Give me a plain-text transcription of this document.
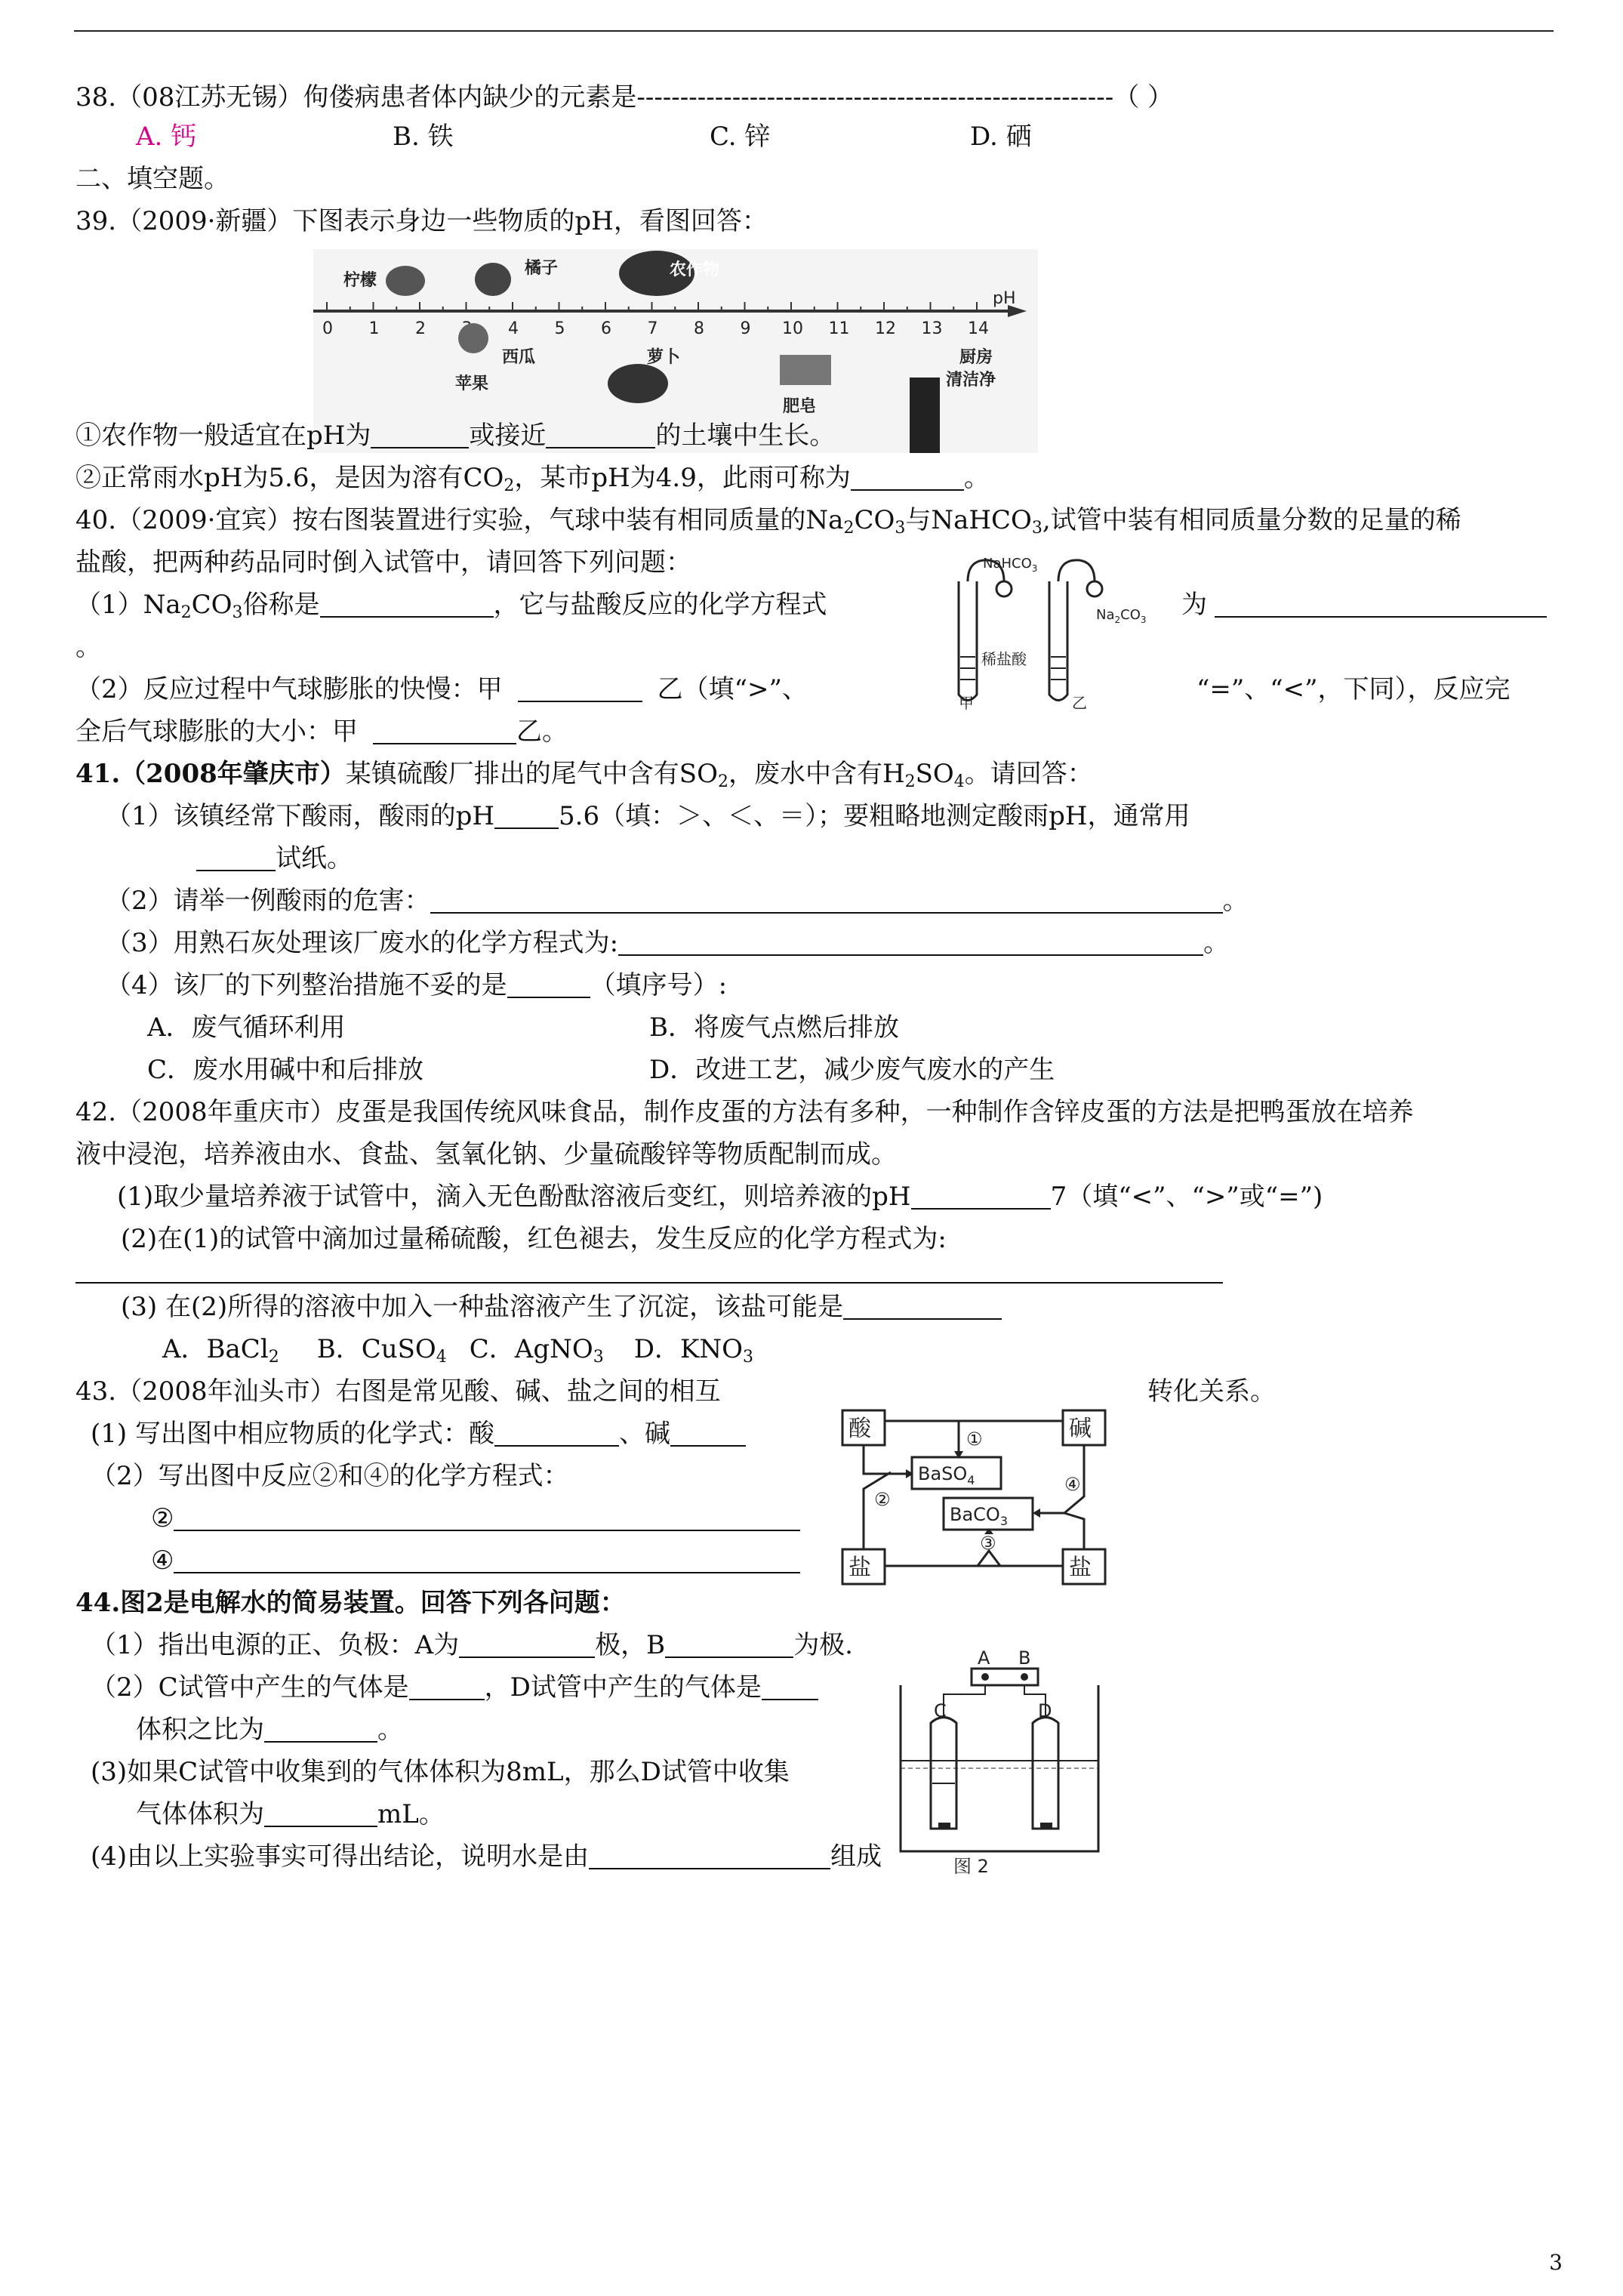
38.（08江苏无锡）佝偻病患者体内缺少的元素是-------------------------------------------------------（ ）
A. 钙	B. 铁	C. 锌	D. 硒
二、填空题。
39.（2009·新疆）下图表示身边一些物质的pH，看图回答：
0 1 2	4 5 6 7 8 9 10 11 12 13 14
pH
柠檬
橘子	农作物
苹果
西瓜	萝卜
肥皂
厨房
清洁净
①农作物一般适宜在pH为	或接近	的土壤中生长。
②正常雨水pH为5.6，是因为溶有$CO_2$，某市pH为4.9，此雨可称为	。
40.（2009·宜宾）按右图装置进行实验，气球中装有相同质量的$Na_2CO_3$与NaHCO$_3$,试管中装有相同质量分数的足量的稀
盐酸，把两种药品同时倒入试管中，请回答下列问题：
$(1)Na_2CO_3$俗称是	，它与盐酸反应的化学方程式	为
。
（2）反应过程中气球膨胀的快慢：甲	乙（填“>”、	“=”、“<”，下同），反应完
全后气球膨胀的大小：甲	乙。
NaHCO$_3$
$Na_2CO_3$
稀盐酸
甲	乙
41.（2008年肇庆市）某镇硫酸厂排出的尾气中含有$SO_2$，废水中含有$H_2SO_4$。请回答：
（1）该镇经常下酸雨，酸雨的pH	5.6（填：＞、＜、＝）；要粗略地测定酸雨pH，通常用
试纸。
（2）请举一例酸雨的危害：	。
（3）用熟石灰处理该厂废水的化学方程式为:	。
（4）该厂的下列整治措施不妥的是	（填序号）:
A．废气循环利用	B．将废气点燃后排放
C．废水用碱中和后排放	D．改进工艺，减少废气废水的产生
42.（2008年重庆市）皮蛋是我国传统风味食品，制作皮蛋的方法有多种，一种制作含锌皮蛋的方法是把鸭蛋放在培养
液中浸泡，培养液由水、食盐、氢氧化钠、少量硫酸锌等物质配制而成。
(1)取少量培养液于试管中，滴入无色酚酞溶液后变红，则培养液的pH	7（填“<”、“>”或“=”)
(2)在(1)的试管中滴加过量稀硫酸，红色褪去，发生反应的化学方程式为:
(3) 在(2)所得的溶液中加入一种盐溶液产生了沉淀，该盐可能是
A．BaCl$_2$ B．CuSO$_4$ C．AgNO$_3$ D．$KNO_3$
43.（2008年汕头市）右图是常见酸、碱、盐之间的相互	转化关系。
(1) 写出图中相应物质的化学式：酸	、碱
（2）写出图中反应②和④的化学方程式：
②
④
酸	碱
盐	盐
BaSO$_4$
BaCO$_3$
①
②
③
④
44.图2是电解水的简易装置。回答下列各问题：
（1）指出电源的正、负极：A为	极，B	为极.
（2）C试管中产生的气体是	，D试管中产生的气体是
体积之比为	。
(3)如果C试管中收集到的气体体积为8mL，那么D试管中收集
气体体积为	mL。
(4)由以上实验事实可得出结论，说明水是由	组成
A B
C	D
图 2
3
